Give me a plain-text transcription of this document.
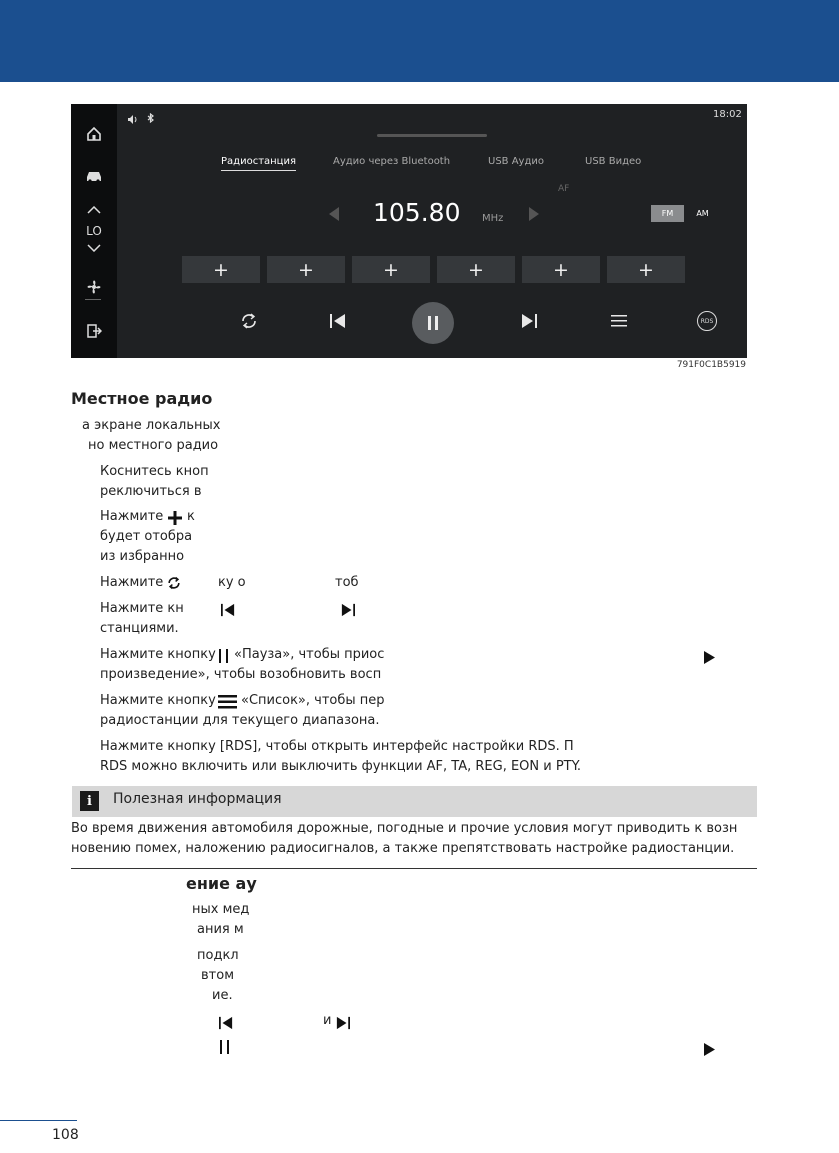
LO
18:02
Радиостанция	Аудио через Bluetooth	USB Аудио	USB Видео
AF
105.80 MHz	FM	AM
+	+	+	+	+	+
RDS
791F0C1B5919
Местное радио
а экране локальных
но местного радио
Коснитесь кноп
реключиться в
Нажмите к
будет отобра
из избранно
Нажмите	ку о	тоб
Нажмите кн
станциями.
Нажмите кнопку «Пауза», чтобы приос
произведение», чтобы возобновить восп
Нажмите кнопку «Список», чтобы пер
радиостанции для текущего диапазона.
Нажмите кнопку [RDS], чтобы открыть интерфейс настройки RDS. П
RDS можно включить или выключить функции AF, TA, REG, EON и PTY.
i	Полезная информация
Во время движения автомобиля дорожные, погодные и прочие условия могут приводить к возн
новению помех, наложению радиосигналов, а также препятствовать настройке радиостанции.
ение ау
ных мед
ания м
подкл
втом
ие.
и
108
